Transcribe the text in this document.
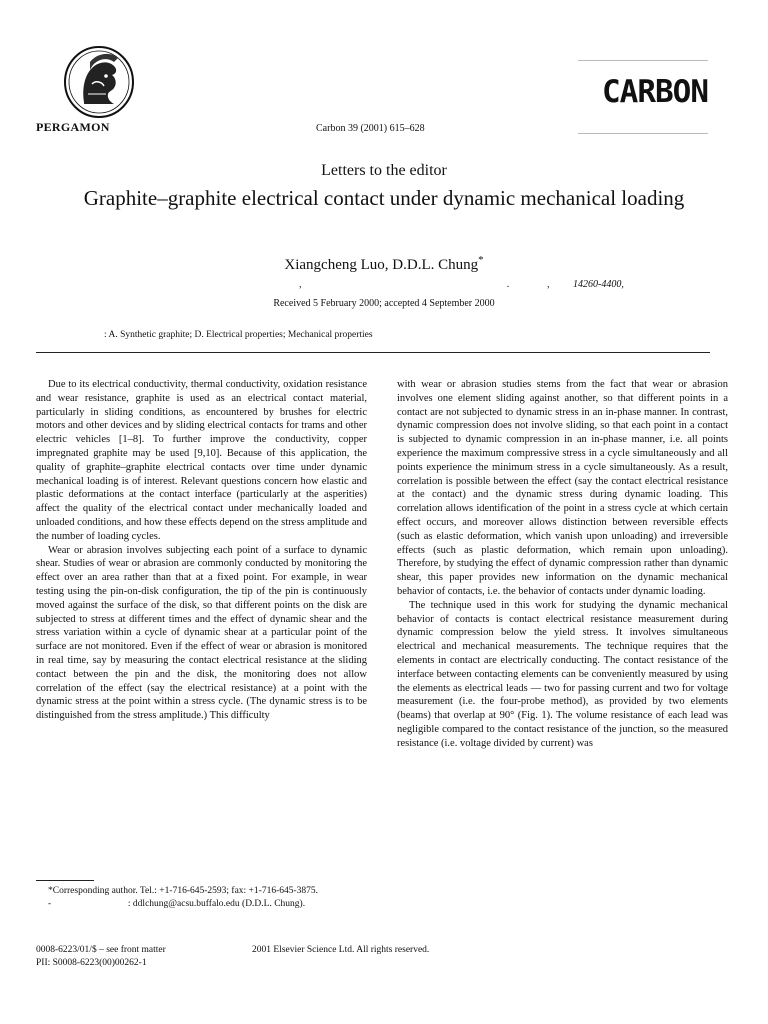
PERGAMON	Carbon 39 (2001) 615–628
CARBON
Letters to the editor
Graphite–graphite electrical contact under dynamic mechanical loading
Xiangcheng Luo, D.D.L. Chung*
,	.	, 14260-4400,
Received 5 February 2000; accepted 4 September 2000
: A. Synthetic graphite; D. Electrical properties; Mechanical properties

Due to its electrical conductivity, thermal conductivity, oxidation resistance and wear resistance, graphite is used as an electrical contact material, particularly in sliding conditions, as encountered by brushes for electric motors and other devices and by sliding electrical contacts for trams and other electric vehicles [1–8]. To further improve the conductivity, copper impregnated graphite may be used [9,10]. Because of this application, the quality of graphite–graphite electrical contacts over time under dynamic mechanical loading is of interest. Relevant questions concern how elastic and plastic deformations at the contact interface (particularly at the asperities) affect the quality of the electrical contact under mechanically loaded and unloaded conditions, and how these effects depend on the stress amplitude and the number of loading cycles.

Wear or abrasion involves subjecting each point of a surface to dynamic shear. Studies of wear or abrasion are commonly conducted by monitoring the effect over an area rather than that at a fixed point. For example, in wear testing using the pin-on-disk configuration, the tip of the pin is continuously moved against the surface of the disk, so that different points on the disk are subjected to stress at different times and the effect of dynamic shear and the stress variation within a cycle of dynamic shear at a particular point of the surface are not monitored. Even if the effect of wear or abrasion is monitored in real time, say by measuring the contact electrical resistance at the sliding contact between the pin and the disk, the monitoring does not allow correlation of the effect (say the electrical resistance) at a point with the dynamic stress at the point within a stress cycle. (The dynamic stress is to be distinguished from the stress amplitude.) This difficulty

with wear or abrasion studies stems from the fact that wear or abrasion involves one element sliding against another, so that different points in a contact are not subjected to dynamic stress in an in-phase manner. In contrast, dynamic compression does not involve sliding, so that each point in a contact is subjected to dynamic compression in an in-phase manner, i.e. all points experience the maximum compressive stress in a cycle simultaneously and all points experience the minimum stress in a cycle simultaneously. As a result, correlation is possible between the effect (say the contact electrical resistance at the contact) and the dynamic stress during dynamic loading. This correlation allows identification of the point in a stress cycle at which certain effect occurs, and moreover allows distinction between reversible effects (such as elastic deformation, which vanish upon unloading) and irreversible effects (such as plastic deformation, which remain upon unloading). Therefore, by studying the effect of dynamic compression rather than dynamic shear, this paper provides new information on the dynamic mechanical behavior of contacts, i.e. the behavior of contacts under dynamic loading.

The technique used in this work for studying the dynamic mechanical behavior of contacts is contact electrical resistance measurement during dynamic compression below the yield stress. It involves simultaneous electrical and mechanical measurements. The technique requires that the elements in contact are electrically conducting. The contact resistance of the interface between contacting elements can be conveniently measured by using the elements as electrical leads — two for passing current and two for voltage measurement (i.e. the four-probe method), as provided by two elements (beams) that overlap at 90° (Fig. 1). The volume resistance of each lead was negligible compared to the contact resistance of the junction, so the measured resistance (i.e. voltage divided by current) was

*Corresponding author. Tel.: +1-716-645-2593; fax: +1-716-645-3875.

-	: ddlchung@acsu.buffalo.edu (D.D.L. Chung).

0008-6223/01/$ – see front matter	2001 Elsevier Science Ltd. All rights reserved.
PII: S0008-6223(00)00262-1
